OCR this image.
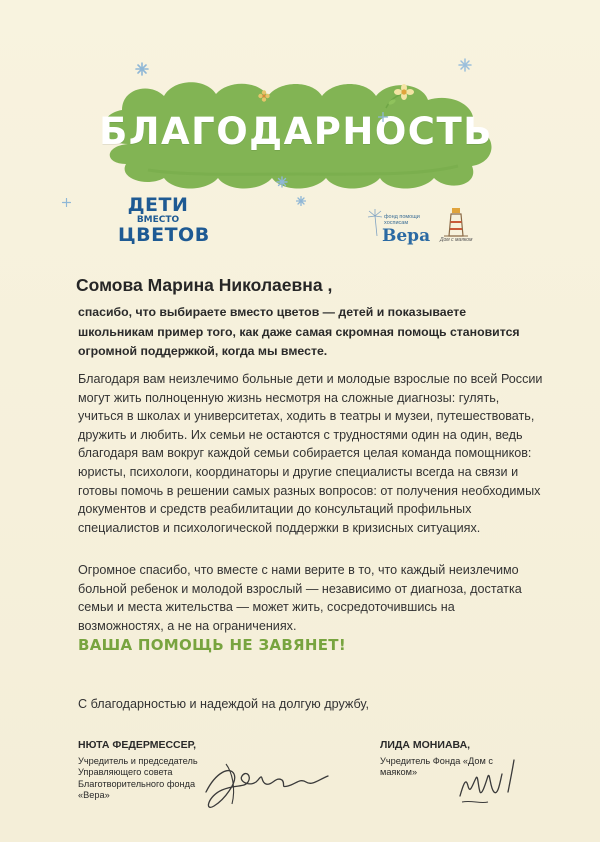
БЛАГОДАРНОСТЬ
ДЕТИ
ВМЕСТО
ЦВЕТОВ
фонд помощи хосписам
Вера Дом с маяком
Сомова Марина Николаевна ,
спасибо, что выбираете вместо цветов — детей и показываете школьникам пример того, как даже самая скромная помощь становится огромной поддержкой, когда мы вместе.
Благодаря вам неизлечимо больные дети и молодые взрослые по всей России могут жить полноценную жизнь несмотря на сложные диагнозы: гулять, учиться в школах и университетах, ходить в театры и музеи, путешествовать, дружить и любить. Их семьи не остаются с трудностями один на один, ведь благодаря вам вокруг каждой семьи собирается целая команда помощников: юристы, психологи, координаторы и другие специалисты всегда на связи и готовы помочь в решении самых разных вопросов: от получения необходимых документов и средств реабилитации до консультаций профильных специалистов и психологической поддержки в кризисных ситуациях.
Огромное спасибо, что вместе с нами верите в то, что каждый неизлечимо больной ребенок и молодой взрослый — независимо от диагноза, достатка семьи и места жительства — может жить, сосредоточившись на возможностях, а не на ограничениях.
ВАША ПОМОЩЬ НЕ ЗАВЯНЕТ!
С благодарностью и надеждой на долгую дружбу,
НЮТА ФЕДЕРМЕССЕР,
Учредитель и председатель Управляющего совета Благотворительного фонда «Вера»
ЛИДА МОНИАВА,
Учредитель Фонда «Дом с маяком»
